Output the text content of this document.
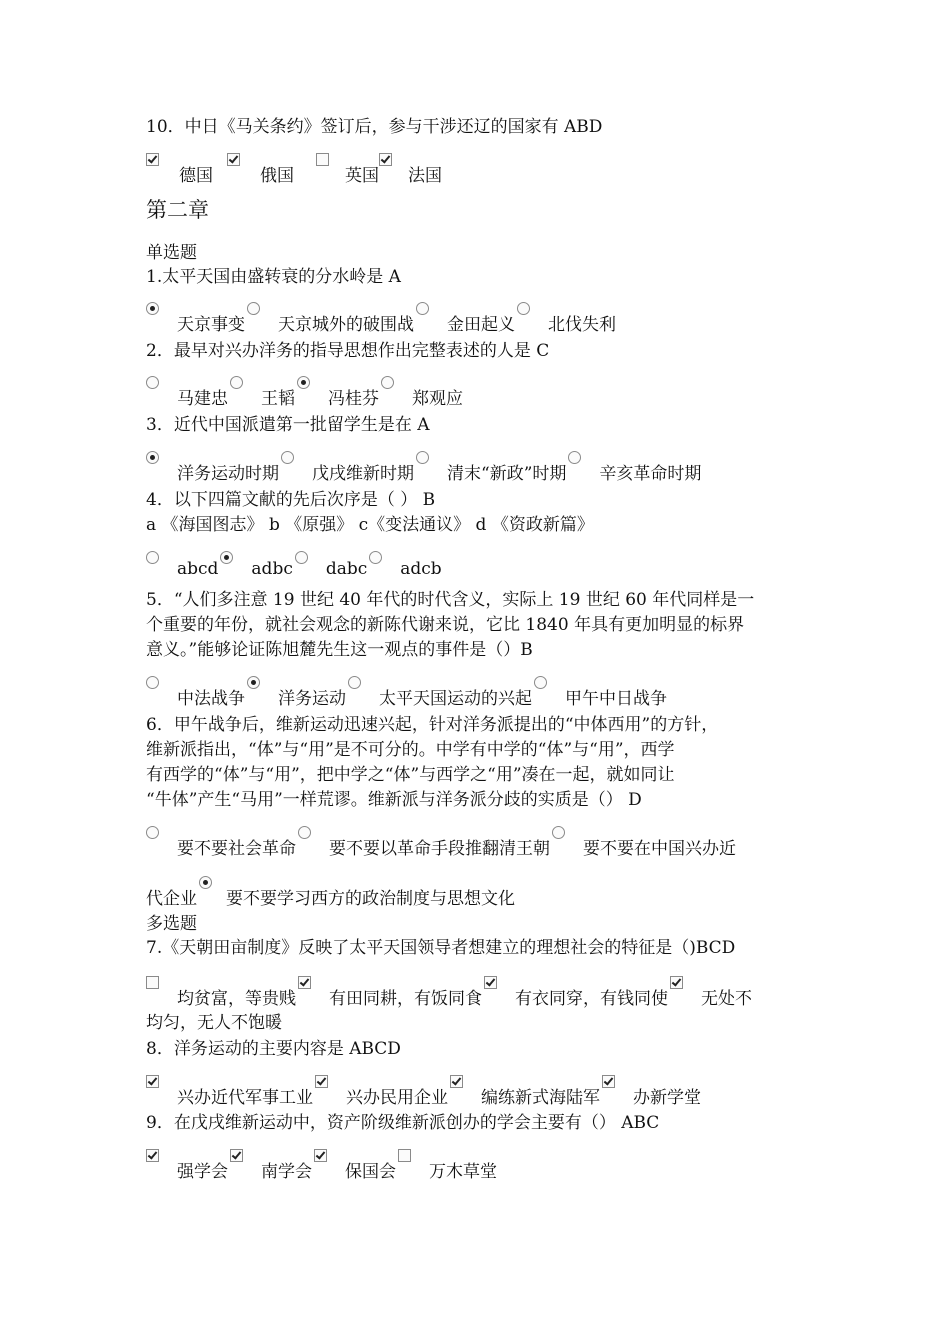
10．中日《马关条约》签订后，参与干涉还辽的国家有 ABD
德国	俄国	英国 法国
第二章
单选题
1.太平天国由盛转衰的分水岭是 A
天京事变 天京城外的破围战 金田起义 北伐失利
2．最早对兴办洋务的指导思想作出完整表述的人是 C
马建忠 王韬 冯桂芬 郑观应
3．近代中国派遣第一批留学生是在 A
洋务运动时期 戊戌维新时期 清末“新政”时期 辛亥革命时期
4．以下四篇文献的先后次序是（ ） B
a 《海国图志》 b 《原强》 c《变法通议》 d 《资政新篇》
abcd adbc dabc adcb
5．“人们多注意 19 世纪 40 年代的时代含义，实际上 19 世纪 60 年代同样是一
个重要的年份，就社会观念的新陈代谢来说，它比 1840 年具有更加明显的标界
意义。”能够论证陈旭麓先生这一观点的事件是（）B
中法战争 洋务运动 太平天国运动的兴起 甲午中日战争
6．甲午战争后，维新运动迅速兴起，针对洋务派提出的“中体西用”的方针，
维新派指出，“体”与“用”是不可分的。中学有中学的“体”与“用”，西学
有西学的“体”与“用”，把中学之“体”与西学之“用”凑在一起，就如同让
“牛体”产生“马用”一样荒谬。维新派与洋务派分歧的实质是（） D
要不要社会革命 要不要以革命手段推翻清王朝 要不要在中国兴办近
代企业 要不要学习西方的政治制度与思想文化
多选题
7.《天朝田亩制度》反映了太平天国领导者想建立的理想社会的特征是（)BCD
均贫富，等贵贱 有田同耕，有饭同食 有衣同穿，有钱同使 无处不
均匀，无人不饱暖
8．洋务运动的主要内容是 ABCD
兴办近代军事工业 兴办民用企业 编练新式海陆军 办新学堂
9．在戊戌维新运动中，资产阶级维新派创办的学会主要有（） ABC
强学会 南学会 保国会 万木草堂
